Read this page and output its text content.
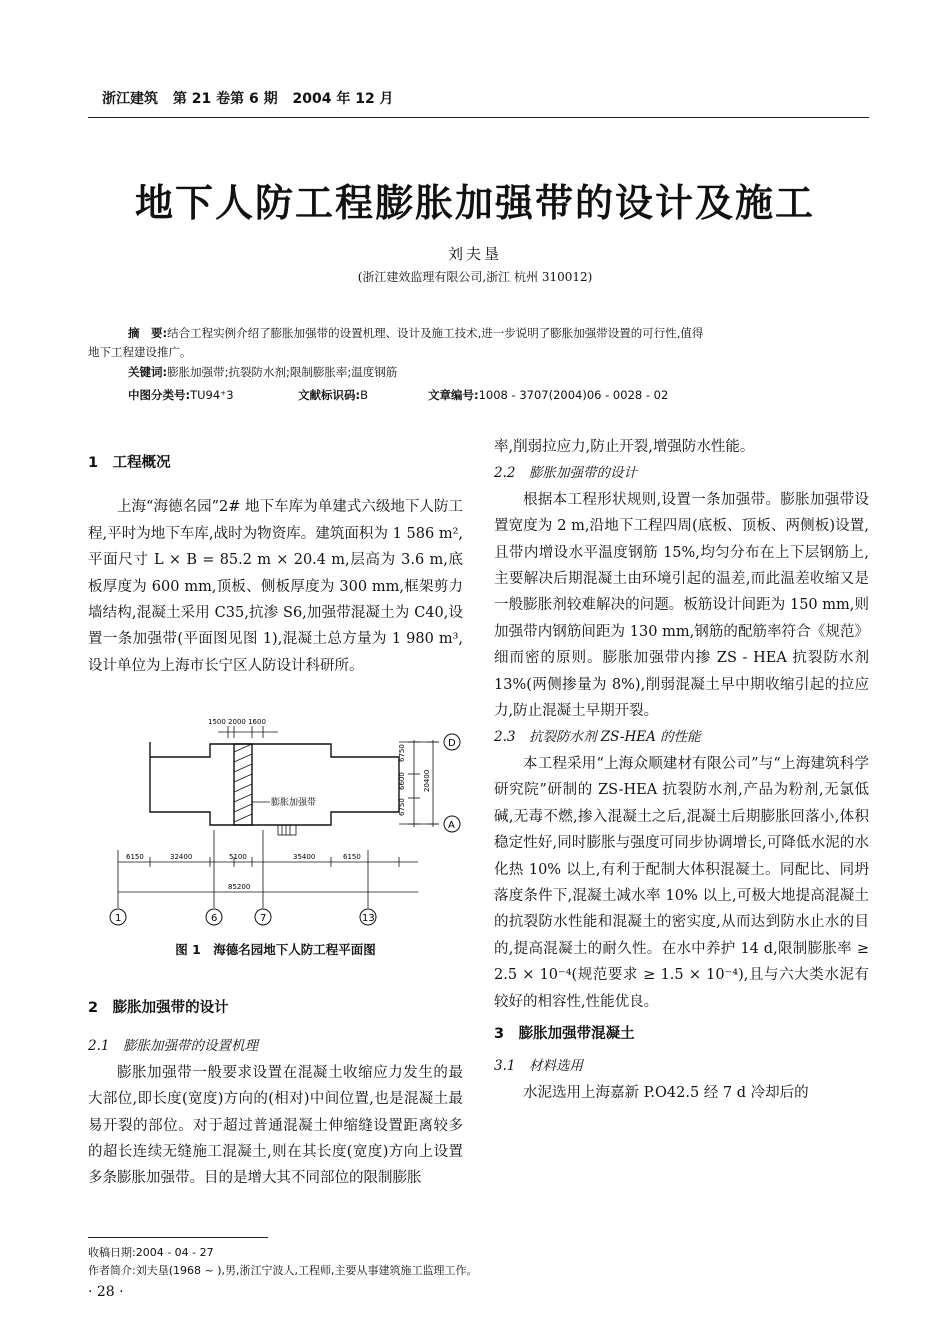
浙江建筑 第 21 卷第 6 期 2004 年 12 月
地下人防工程膨胀加强带的设计及施工
刘夫垦
(浙江建效监理有限公司,浙江 杭州 310012)
摘　要:结合工程实例介绍了膨胀加强带的设置机理、设计及施工技术,进一步说明了膨胀加强带设置的可行性,值得
地下工程建设推广。
关键词:膨胀加强带;抗裂防水剂;限制膨胀率;温度钢筋
中图分类号:TU94⁺3	文献标识码:B	文章编号:1008 - 3707(2004)06 - 0028 - 02
1　工程概况

上海“海德名园”2# 地下车库为单建式六级地下人防工程,平时为地下车库,战时为物资库。建筑面积为 1 586 m²,平面尺寸 L × B = 85.2 m × 20.4 m,层高为 3.6 m,底板厚度为 600 mm,顶板、侧板厚度为 300 mm,框架剪力墙结构,混凝土采用 C35,抗渗 S6,加强带混凝土为 C40,设置一条加强带(平面图见图 1),混凝土总方量为 1 980 m³,设计单位为上海市长宁区人防设计科研所。

1500 2000 1600
膨胀加强带
6750
6600
6750
20400
D
A
6150	32400	5100	35400	6150
85200
1	6	7	13
图 1　海德名园地下人防工程平面图
2　膨胀加强带的设计
2.1　膨胀加强带的设置机理

膨胀加强带一般要求设置在混凝土收缩应力发生的最大部位,即长度(宽度)方向的(相对)中间位置,也是混凝土最易开裂的部位。对于超过普通混凝土伸缩缝设置距离较多的超长连续无缝施工混凝土,则在其长度(宽度)方向上设置多条膨胀加强带。目的是增大其不同部位的限制膨胀

率,削弱拉应力,防止开裂,增强防水性能。
2.2　膨胀加强带的设计

根据本工程形状规则,设置一条加强带。膨胀加强带设置宽度为 2 m,沿地下工程四周(底板、顶板、两侧板)设置,且带内增设水平温度钢筋 15%,均匀分布在上下层钢筋上,主要解决后期混凝土由环境引起的温差,而此温差收缩又是一般膨胀剂较难解决的问题。板筋设计间距为 150 mm,则加强带内钢筋间距为 130 mm,钢筋的配筋率符合《规范》细而密的原则。膨胀加强带内掺 ZS - HEA 抗裂防水剂 13%(两侧掺量为 8%),削弱混凝土早中期收缩引起的拉应力,防止混凝土早期开裂。

2.3　抗裂防水剂 ZS-HEA 的性能

本工程采用“上海众顺建材有限公司”与“上海建筑科学研究院”研制的 ZS-HEA 抗裂防水剂,产品为粉剂,无氯低碱,无毒不燃,掺入混凝土之后,混凝土后期膨胀回落小,体积稳定性好,同时膨胀与强度可同步协调增长,可降低水泥的水化热 10% 以上,有利于配制大体积混凝土。同配比、同坍落度条件下,混凝土减水率 10% 以上,可极大地提高混凝土的抗裂防水性能和混凝土的密实度,从而达到防水止水的目的,提高混凝土的耐久性。在水中养护 14 d,限制膨胀率 ≥ 2.5 × 10⁻⁴(规范要求 ≥ 1.5 × 10⁻⁴),且与六大类水泥有较好的相容性,性能优良。

3　膨胀加强带混凝土
3.1　材料选用

水泥选用上海嘉新 P.O42.5 经 7 d 冷却后的

收稿日期:2004 - 04 - 27
作者简介:刘夫垦(1968 ~ ),男,浙江宁波人,工程师,主要从事建筑施工监理工作。
· 28 ·
